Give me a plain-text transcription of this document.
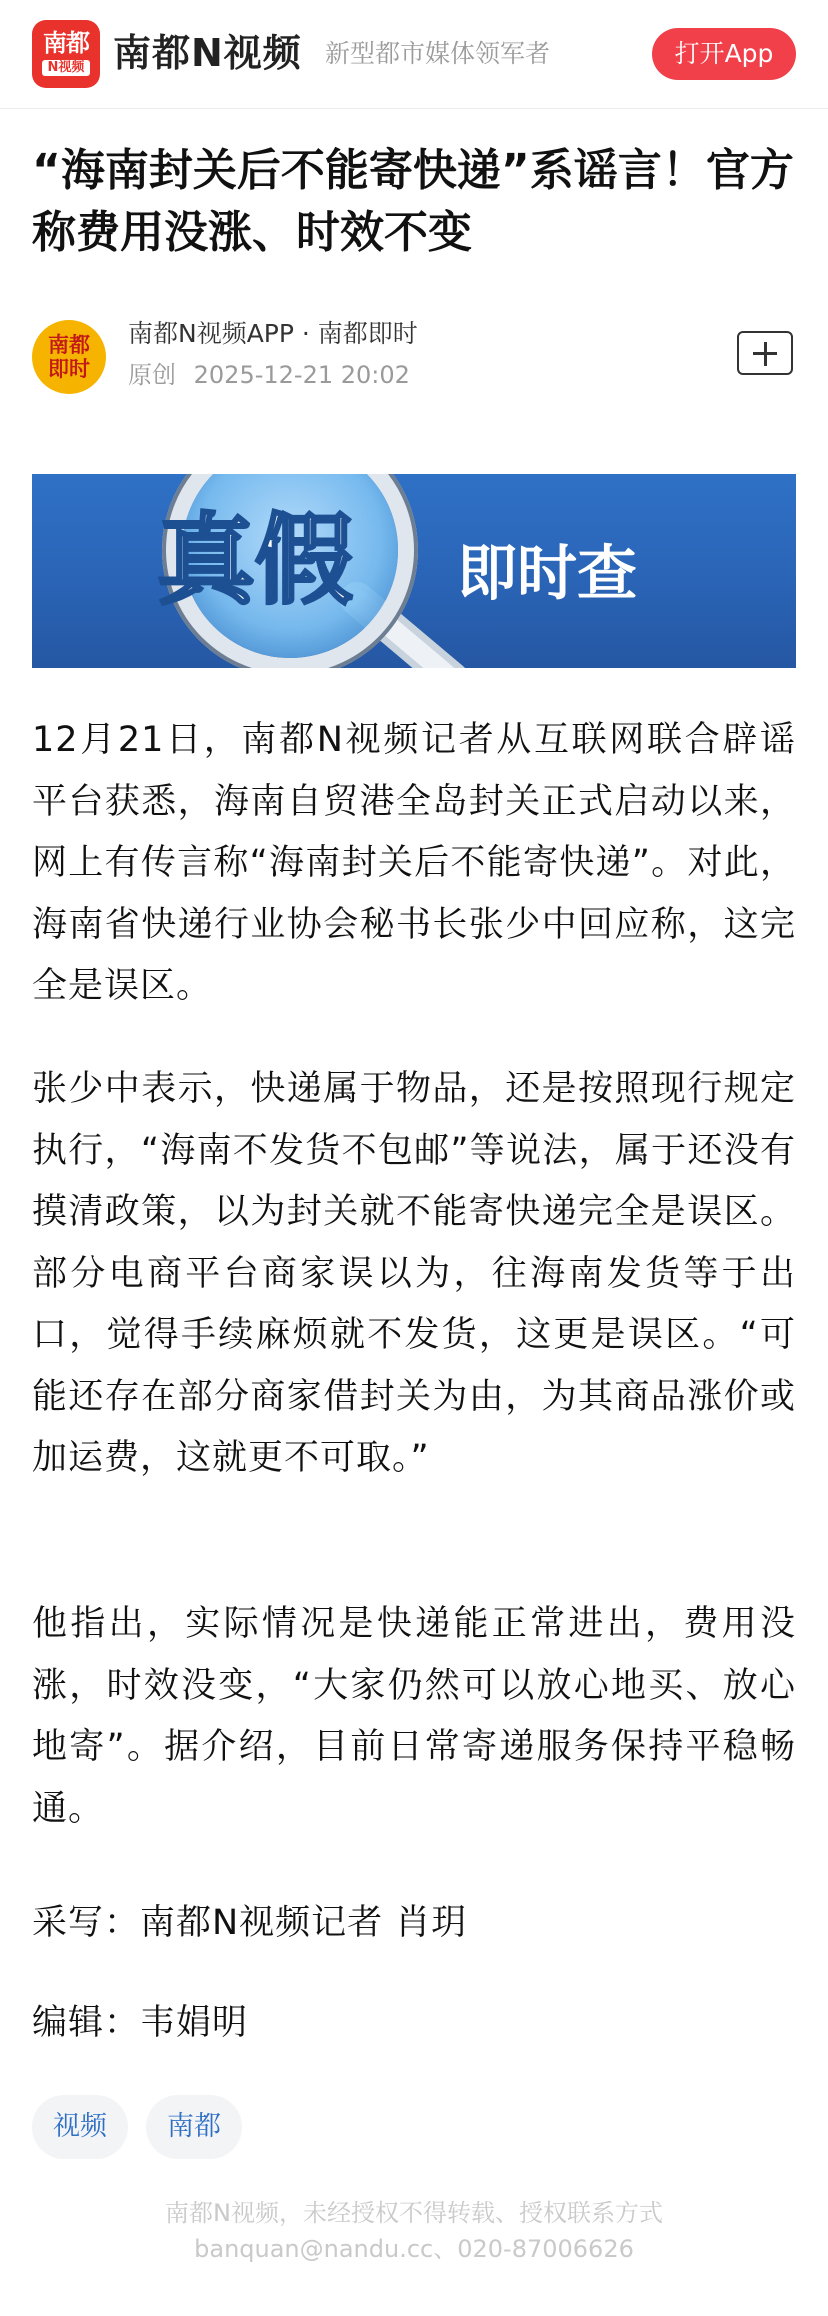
南都
N视频 南都N视频 新型都市媒体领军者	打开App
“海南封关后不能寄快递”系谣言！官方称费用没涨、时效不变
南都
即时
南都N视频APP · 南都即时
原创 2025-12-21 20:02
真假 即时查

12月21日，南都N视频记者从互联网联合辟谣平台获悉，海南自贸港全岛封关正式启动以来，网上有传言称“海南封关后不能寄快递”。对此，海南省快递行业协会秘书长张少中回应称，这完全是误区。

张少中表示，快递属于物品，还是按照现行规定执行，“海南不发货不包邮”等说法，属于还没有摸清政策，以为封关就不能寄快递完全是误区。部分电商平台商家误以为，往海南发货等于出口，觉得手续麻烦就不发货，这更是误区。“可能还存在部分商家借封关为由，为其商品涨价或加运费，这就更不可取。”

他指出，实际情况是快递能正常进出，费用没涨，时效没变，“大家仍然可以放心地买、放心地寄”。据介绍，目前日常寄递服务保持平稳畅通。

采写：南都N视频记者 肖玥

编辑：韦娟明

视频	南都
南都N视频，未经授权不得转载、授权联系方式
banquan@nandu.cc、020-87006626
